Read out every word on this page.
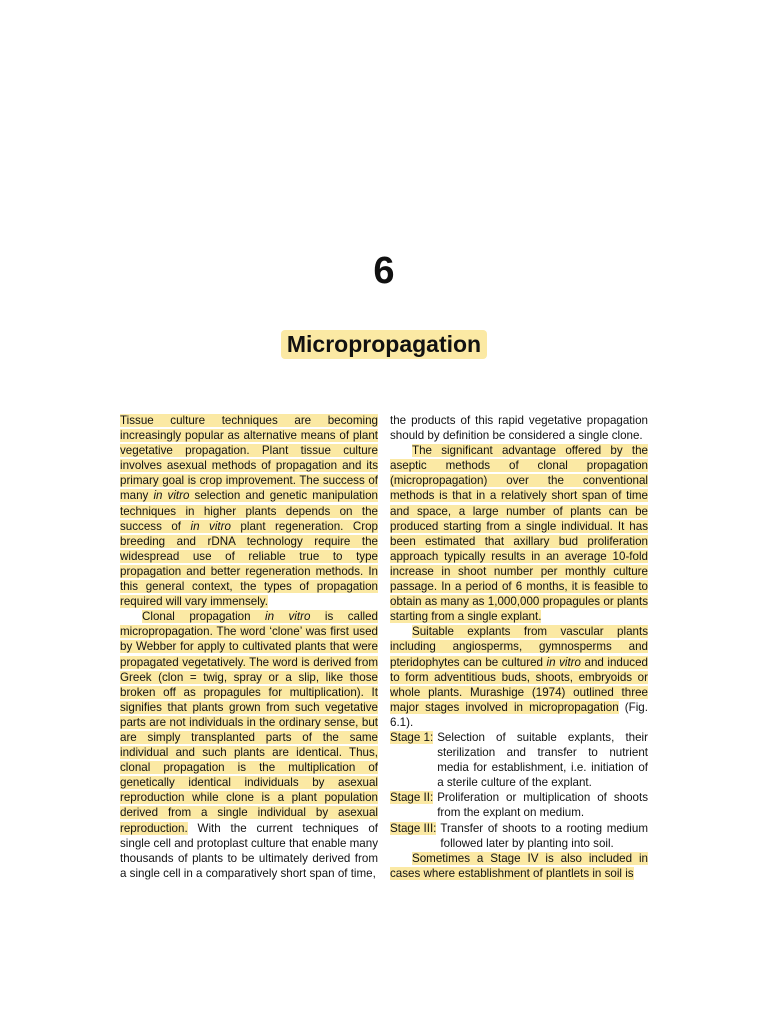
6
Micropropagation

Tissue culture techniques are becoming increasingly popular as alternative means of plant vegetative propagation. Plant tissue culture involves asexual methods of propagation and its primary goal is crop improvement. The success of many in vitro selection and genetic manipulation techniques in higher plants depends on the success of in vitro plant regeneration. Crop breeding and rDNA technology require the widespread use of reliable true to type propagation and better regeneration methods. In this general context, the types of propagation required will vary immensely.

Clonal propagation in vitro is called micropropagation. The word ‘clone’ was first used by Webber for apply to cultivated plants that were propagated vegetatively. The word is derived from Greek (clon = twig, spray or a slip, like those broken off as propagules for multiplication). It signifies that plants grown from such vegetative parts are not individuals in the ordinary sense, but are simply transplanted parts of the same individual and such plants are identical. Thus, clonal propagation is the multiplication of genetically identical individuals by asexual reproduction while clone is a plant population derived from a single individual by asexual reproduction. With the current techniques of single cell and protoplast culture that enable many thousands of plants to be ultimately derived from a single cell in a comparatively short span of time,

the products of this rapid vegetative propagation should by definition be considered a single clone.

The significant advantage offered by the aseptic methods of clonal propagation (micropropagation) over the conventional methods is that in a relatively short span of time and space, a large number of plants can be produced starting from a single individual. It has been estimated that axillary bud proliferation approach typically results in an average 10-fold increase in shoot number per monthly culture passage. In a period of 6 months, it is feasible to obtain as many as 1,000,000 propagules or plants starting from a single explant.

Suitable explants from vascular plants including angiosperms, gymnosperms and pteridophytes can be cultured in vitro and induced to form adventitious buds, shoots, embryoids or whole plants. Murashige (1974) outlined three major stages involved in micropropagation (Fig. 6.1).

Stage 1: Selection of suitable explants, their sterilization and transfer to nutrient media for establishment, i.e. initiation of a sterile culture of the explant.
Stage II: Proliferation or multiplication of shoots from the explant on medium.
Stage III: Transfer of shoots to a rooting medium followed later by planting into soil.

Sometimes a Stage IV is also included in cases where establishment of plantlets in soil is
